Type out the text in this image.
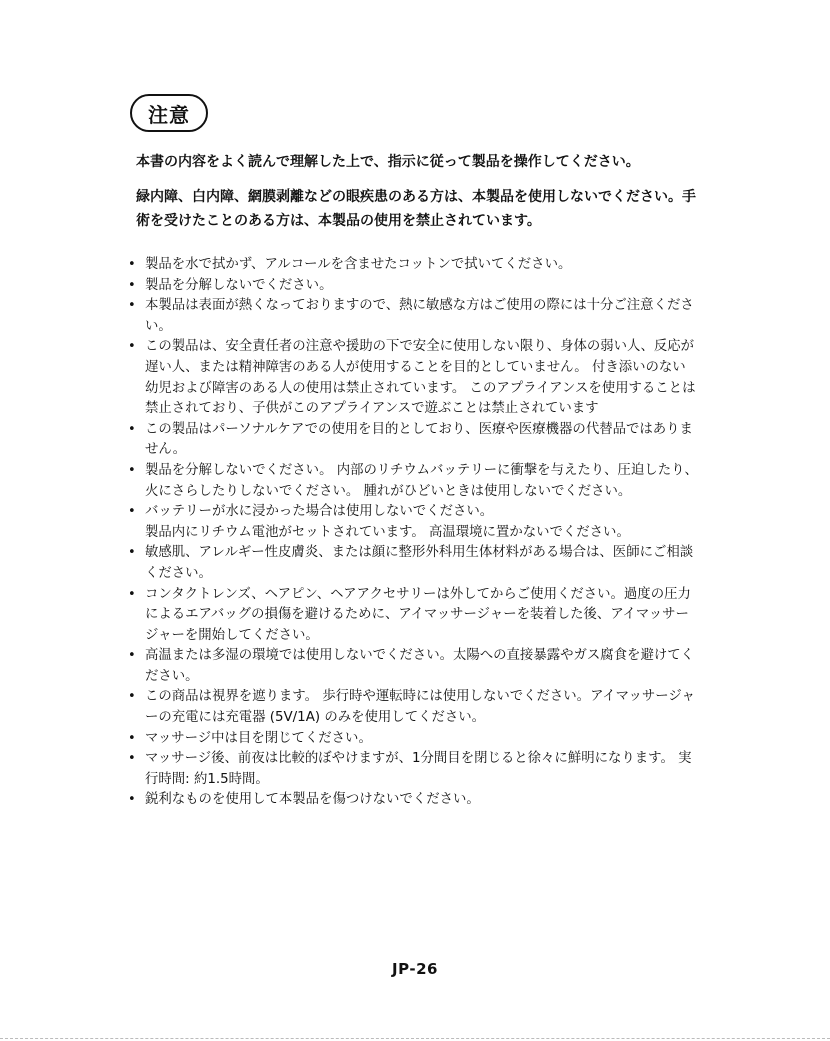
注意

本書の内容をよく読んで理解した上で、指示に従って製品を操作してください。

緑内障、白内障、網膜剥離などの眼疾患のある方は、本製品を使用しないでください。手術を受けたことのある方は、本製品の使用を禁止されています。

• 製品を水で拭かず、アルコールを含ませたコットンで拭いてください。
• 製品を分解しないでください。
• 本製品は表面が熱くなっておりますので、熱に敏感な方はご使用の際には十分ご注意ください。
• この製品は、安全責任者の注意や援助の下で安全に使用しない限り、身体の弱い人、反応が遅い人、または精神障害のある人が使用することを目的としていません。 付き添いのない幼児および障害のある人の使用は禁止されています。 このアプライアンスを使用することは禁止されており、子供がこのアプライアンスで遊ぶことは禁止されています
• この製品はパーソナルケアでの使用を目的としており、医療や医療機器の代替品ではありません。
• 製品を分解しないでください。 内部のリチウムバッテリーに衝撃を与えたり、圧迫したり、火にさらしたりしないでください。 腫れがひどいときは使用しないでください。
• バッテリーが水に浸かった場合は使用しないでください。
製品内にリチウム電池がセットされています。 高温環境に置かないでください。
• 敏感肌、アレルギー性皮膚炎、または顔に整形外科用生体材料がある場合は、医師にご相談ください。
• コンタクトレンズ、ヘアピン、ヘアアクセサリーは外してからご使用ください。過度の圧力によるエアバッグの損傷を避けるために、アイマッサージャーを装着した後、アイマッサージャーを開始してください。
• 高温または多湿の環境では使用しないでください。太陽への直接暴露やガス腐食を避けてください。
• この商品は視界を遮ります。 歩行時や運転時には使用しないでください。アイマッサージャーの充電には充電器 (5V/1A) のみを使用してください。
• マッサージ中は目を閉じてください。
• マッサージ後、前夜は比較的ぼやけますが、1分間目を閉じると徐々に鮮明になります。 実行時間: 約1.5時間。
• 鋭利なものを使用して本製品を傷つけないでください。
JP-26
